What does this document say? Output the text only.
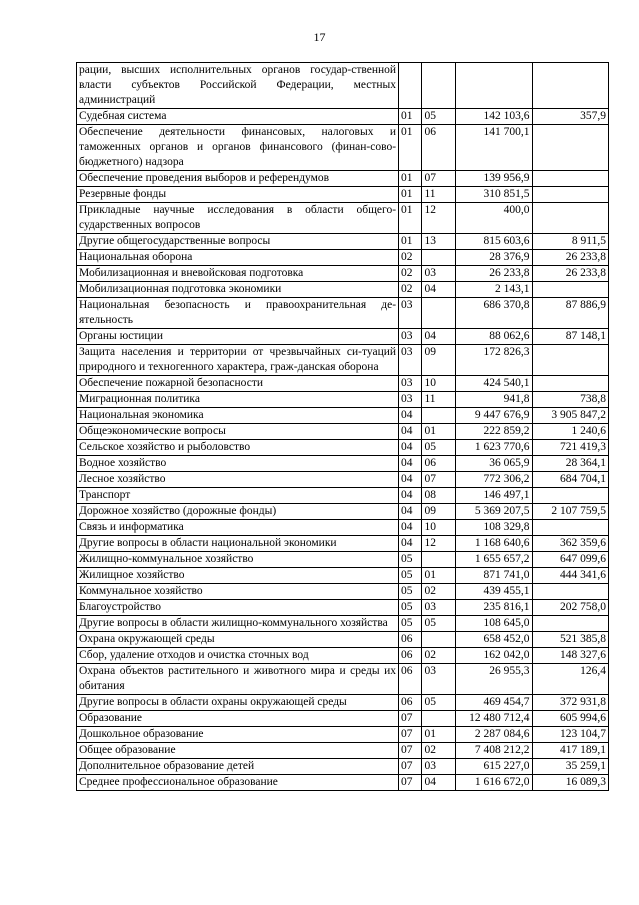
17
рации, высших исполнительных органов государ-ственной власти субъектов Российской Федерации, местных администраций				
Судебная система	01	05	142 103,6	357,9
Обеспечение деятельности финансовых, налоговых и таможенных органов и органов финансового (финан-сово-бюджетного) надзора	01	06	141 700,1	
Обеспечение проведения выборов и референдумов	01	07	139 956,9	
Резервные фонды	01	11	310 851,5	
Прикладные научные исследования в области общего-сударственных вопросов	01	12	400,0	
Другие общегосударственные вопросы	01	13	815 603,6	8 911,5
Национальная оборона	02		28 376,9	26 233,8
Мобилизационная и вневойсковая подготовка	02	03	26 233,8	26 233,8
Мобилизационная подготовка экономики	02	04	2 143,1	
Национальная безопасность и правоохранительная де-ятельность	03		686 370,8	87 886,9
Органы юстиции	03	04	88 062,6	87 148,1
Защита населения и территории от чрезвычайных си-туаций природного и техногенного характера, граж-данская оборона	03	09	172 826,3	
Обеспечение пожарной безопасности	03	10	424 540,1	
Миграционная политика	03	11	941,8	738,8
Национальная экономика	04		9 447 676,9	3 905 847,2
Общеэкономические вопросы	04	01	222 859,2	1 240,6
Сельское хозяйство и рыболовство	04	05	1 623 770,6	721 419,3
Водное хозяйство	04	06	36 065,9	28 364,1
Лесное хозяйство	04	07	772 306,2	684 704,1
Транспорт	04	08	146 497,1	
Дорожное хозяйство (дорожные фонды)	04	09	5 369 207,5	2 107 759,5
Связь и информатика	04	10	108 329,8	
Другие вопросы в области национальной экономики	04	12	1 168 640,6	362 359,6
Жилищно-коммунальное хозяйство	05		1 655 657,2	647 099,6
Жилищное хозяйство	05	01	871 741,0	444 341,6
Коммунальное хозяйство	05	02	439 455,1	
Благоустройство	05	03	235 816,1	202 758,0
Другие вопросы в области жилищно-коммунального хозяйства	05	05	108 645,0	
Охрана окружающей среды	06		658 452,0	521 385,8
Сбор, удаление отходов и очистка сточных вод	06	02	162 042,0	148 327,6
Охрана объектов растительного и животного мира и среды их обитания	06	03	26 955,3	126,4
Другие вопросы в области охраны окружающей среды	06	05	469 454,7	372 931,8
Образование	07		12 480 712,4	605 994,6
Дошкольное образование	07	01	2 287 084,6	123 104,7
Общее образование	07	02	7 408 212,2	417 189,1
Дополнительное образование детей	07	03	615 227,0	35 259,1
Среднее профессиональное образование	07	04	1 616 672,0	16 089,3
